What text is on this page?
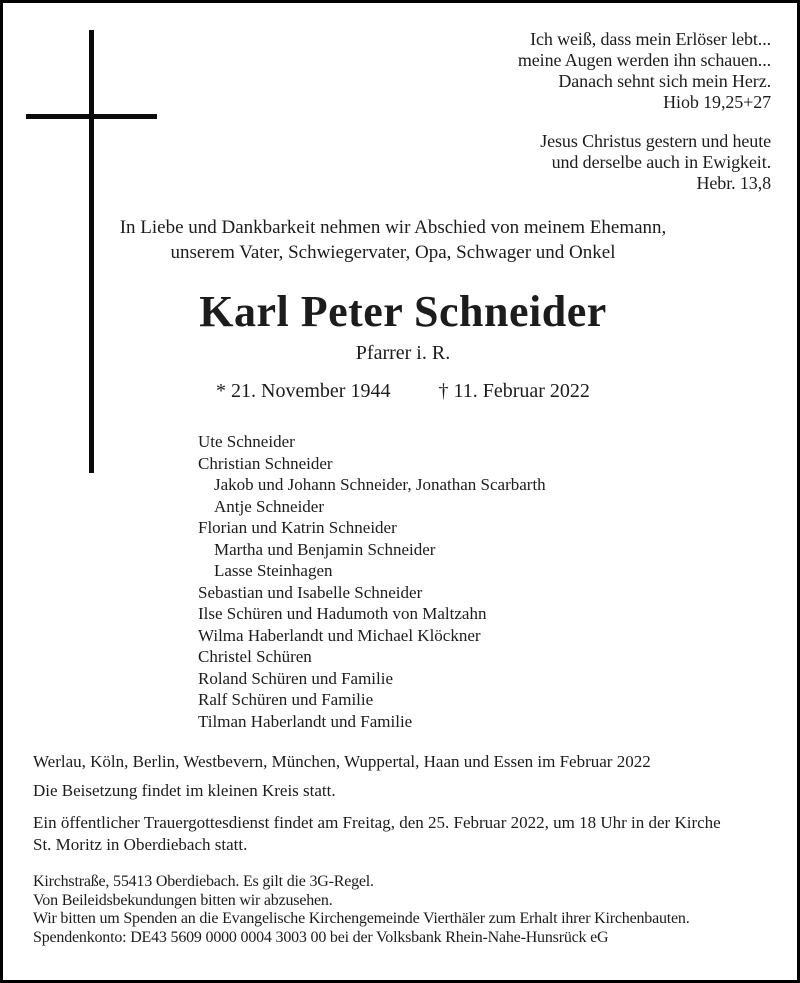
Ich weiß, dass mein Erlöser lebt...
meine Augen werden ihn schauen...
Danach sehnt sich mein Herz.
Hiob 19,25+27
Jesus Christus gestern und heute
und derselbe auch in Ewigkeit.
Hebr. 13,8
In Liebe und Dankbarkeit nehmen wir Abschied von meinem Ehemann,
unserem Vater, Schwiegervater, Opa, Schwager und Onkel
Karl Peter Schneider
Pfarrer i. R.
* 21. November 1944 † 11. Februar 2022
Ute Schneider
Christian Schneider
Jakob und Johann Schneider, Jonathan Scarbarth
Antje Schneider
Florian und Katrin Schneider
Martha und Benjamin Schneider
Lasse Steinhagen
Sebastian und Isabelle Schneider
Ilse Schüren und Hadumoth von Maltzahn
Wilma Haberlandt und Michael Klöckner
Christel Schüren
Roland Schüren und Familie
Ralf Schüren und Familie
Tilman Haberlandt und Familie
Werlau, Köln, Berlin, Westbevern, München, Wuppertal, Haan und Essen im Februar 2022
Die Beisetzung findet im kleinen Kreis statt.
Ein öffentlicher Trauergottesdienst findet am Freitag, den 25. Februar 2022, um 18 Uhr in der Kirche
St. Moritz in Oberdiebach statt.
Kirchstraße, 55413 Oberdiebach. Es gilt die 3G-Regel.
Von Beileidsbekundungen bitten wir abzusehen.
Wir bitten um Spenden an die Evangelische Kirchengemeinde Vierthäler zum Erhalt ihrer Kirchenbauten.
Spendenkonto: DE43 5609 0000 0004 3003 00 bei der Volksbank Rhein-Nahe-Hunsrück eG
